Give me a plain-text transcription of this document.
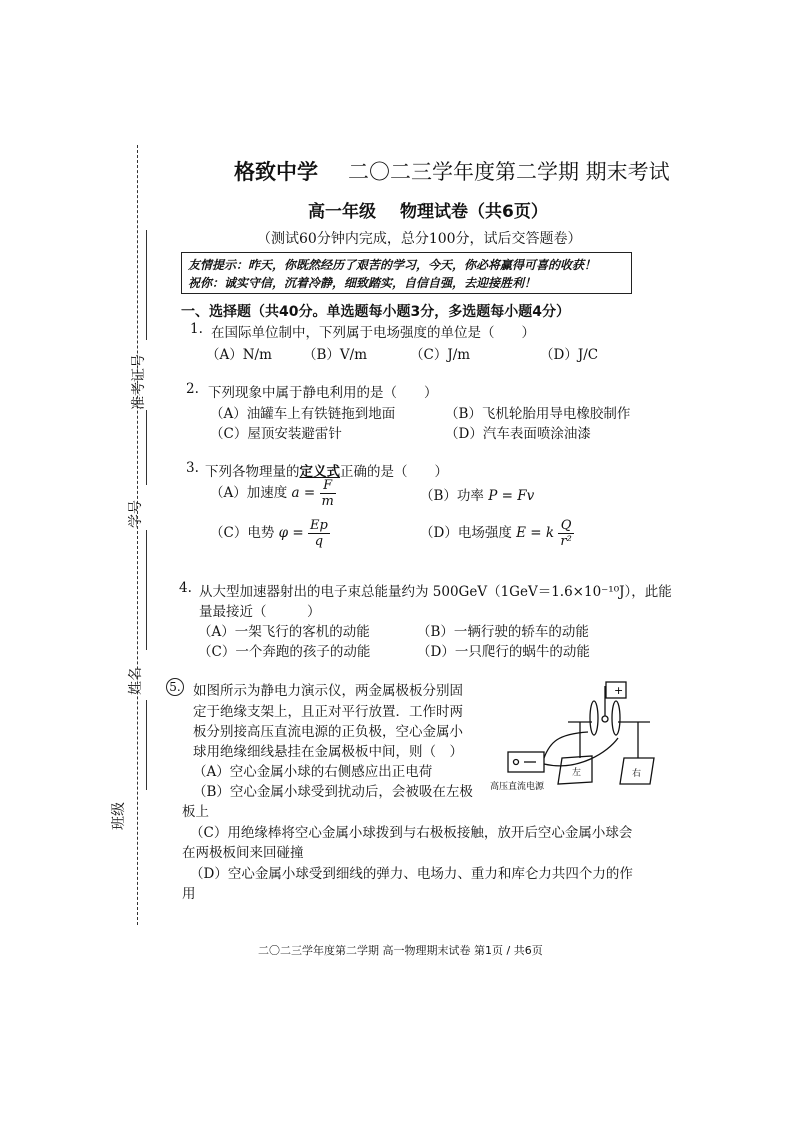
准考证号
学号
姓名
班级
格致中学 二〇二三学年度第二学期 期末考试
高一年级 物理试卷（共6页）
（测试60分钟内完成，总分100分，试后交答题卷）
友情提示：昨天，你既然经历了艰苦的学习，今天，你必将赢得可喜的收获！
祝你：诚实守信，沉着冷静，细致踏实，自信自强，去迎接胜利！
一、选择题（共40分。单选题每小题3分，多选题每小题4分）
1. 在国际单位制中，下列属于电场强度的单位是（　　）
（A）N/m （B）V/m	（C）J/m	（D）J/C
2. 下列现象中属于静电利用的是（　　）
（A）油罐车上有铁链拖到地面	（B）飞机轮胎用导电橡胶制作
（C）屋顶安装避雷针	（D）汽车表面喷涂油漆
3. 下列各物理量的定义式正确的是（　　）
（A）加速度 $a = \frac{F}{m}$	（B）功率 P = Fv
（C）电势 $\varphi = \frac{Ep}{q}$	（D）电场强度 E = k $\frac{Q}{\text{r²}}$
4. 从大型加速器射出的电子束总能量约为 500GeV（1GeV＝1.6×10⁻¹⁰J），此能
量最接近（　　　）
（A）一架飞行的客机的动能	（B）一辆行驶的轿车的动能
（C）一个奔跑的孩子的动能	（D）一只爬行的蜗牛的动能
5. 如图所示为静电力演示仪，两金属极板分别固
定于绝缘支架上，且正对平行放置．工作时两
板分别接高压直流电源的正负极，空心金属小
球用绝缘细线悬挂在金属极板中间，则（　）
（A）空心金属小球的右侧感应出正电荷
（B）空心金属小球受到扰动后，会被吸在左极
板上
（C）用绝缘棒将空心金属小球拨到与右极板接触，放开后空心金属小球会
在两极板间来回碰撞
（D）空心金属小球受到细线的弹力、电场力、重力和库仑力共四个力的作
用
+
左	右
高压直流电源
二〇二三学年度第二学期 高一物理期末试卷 第1页 / 共6页
